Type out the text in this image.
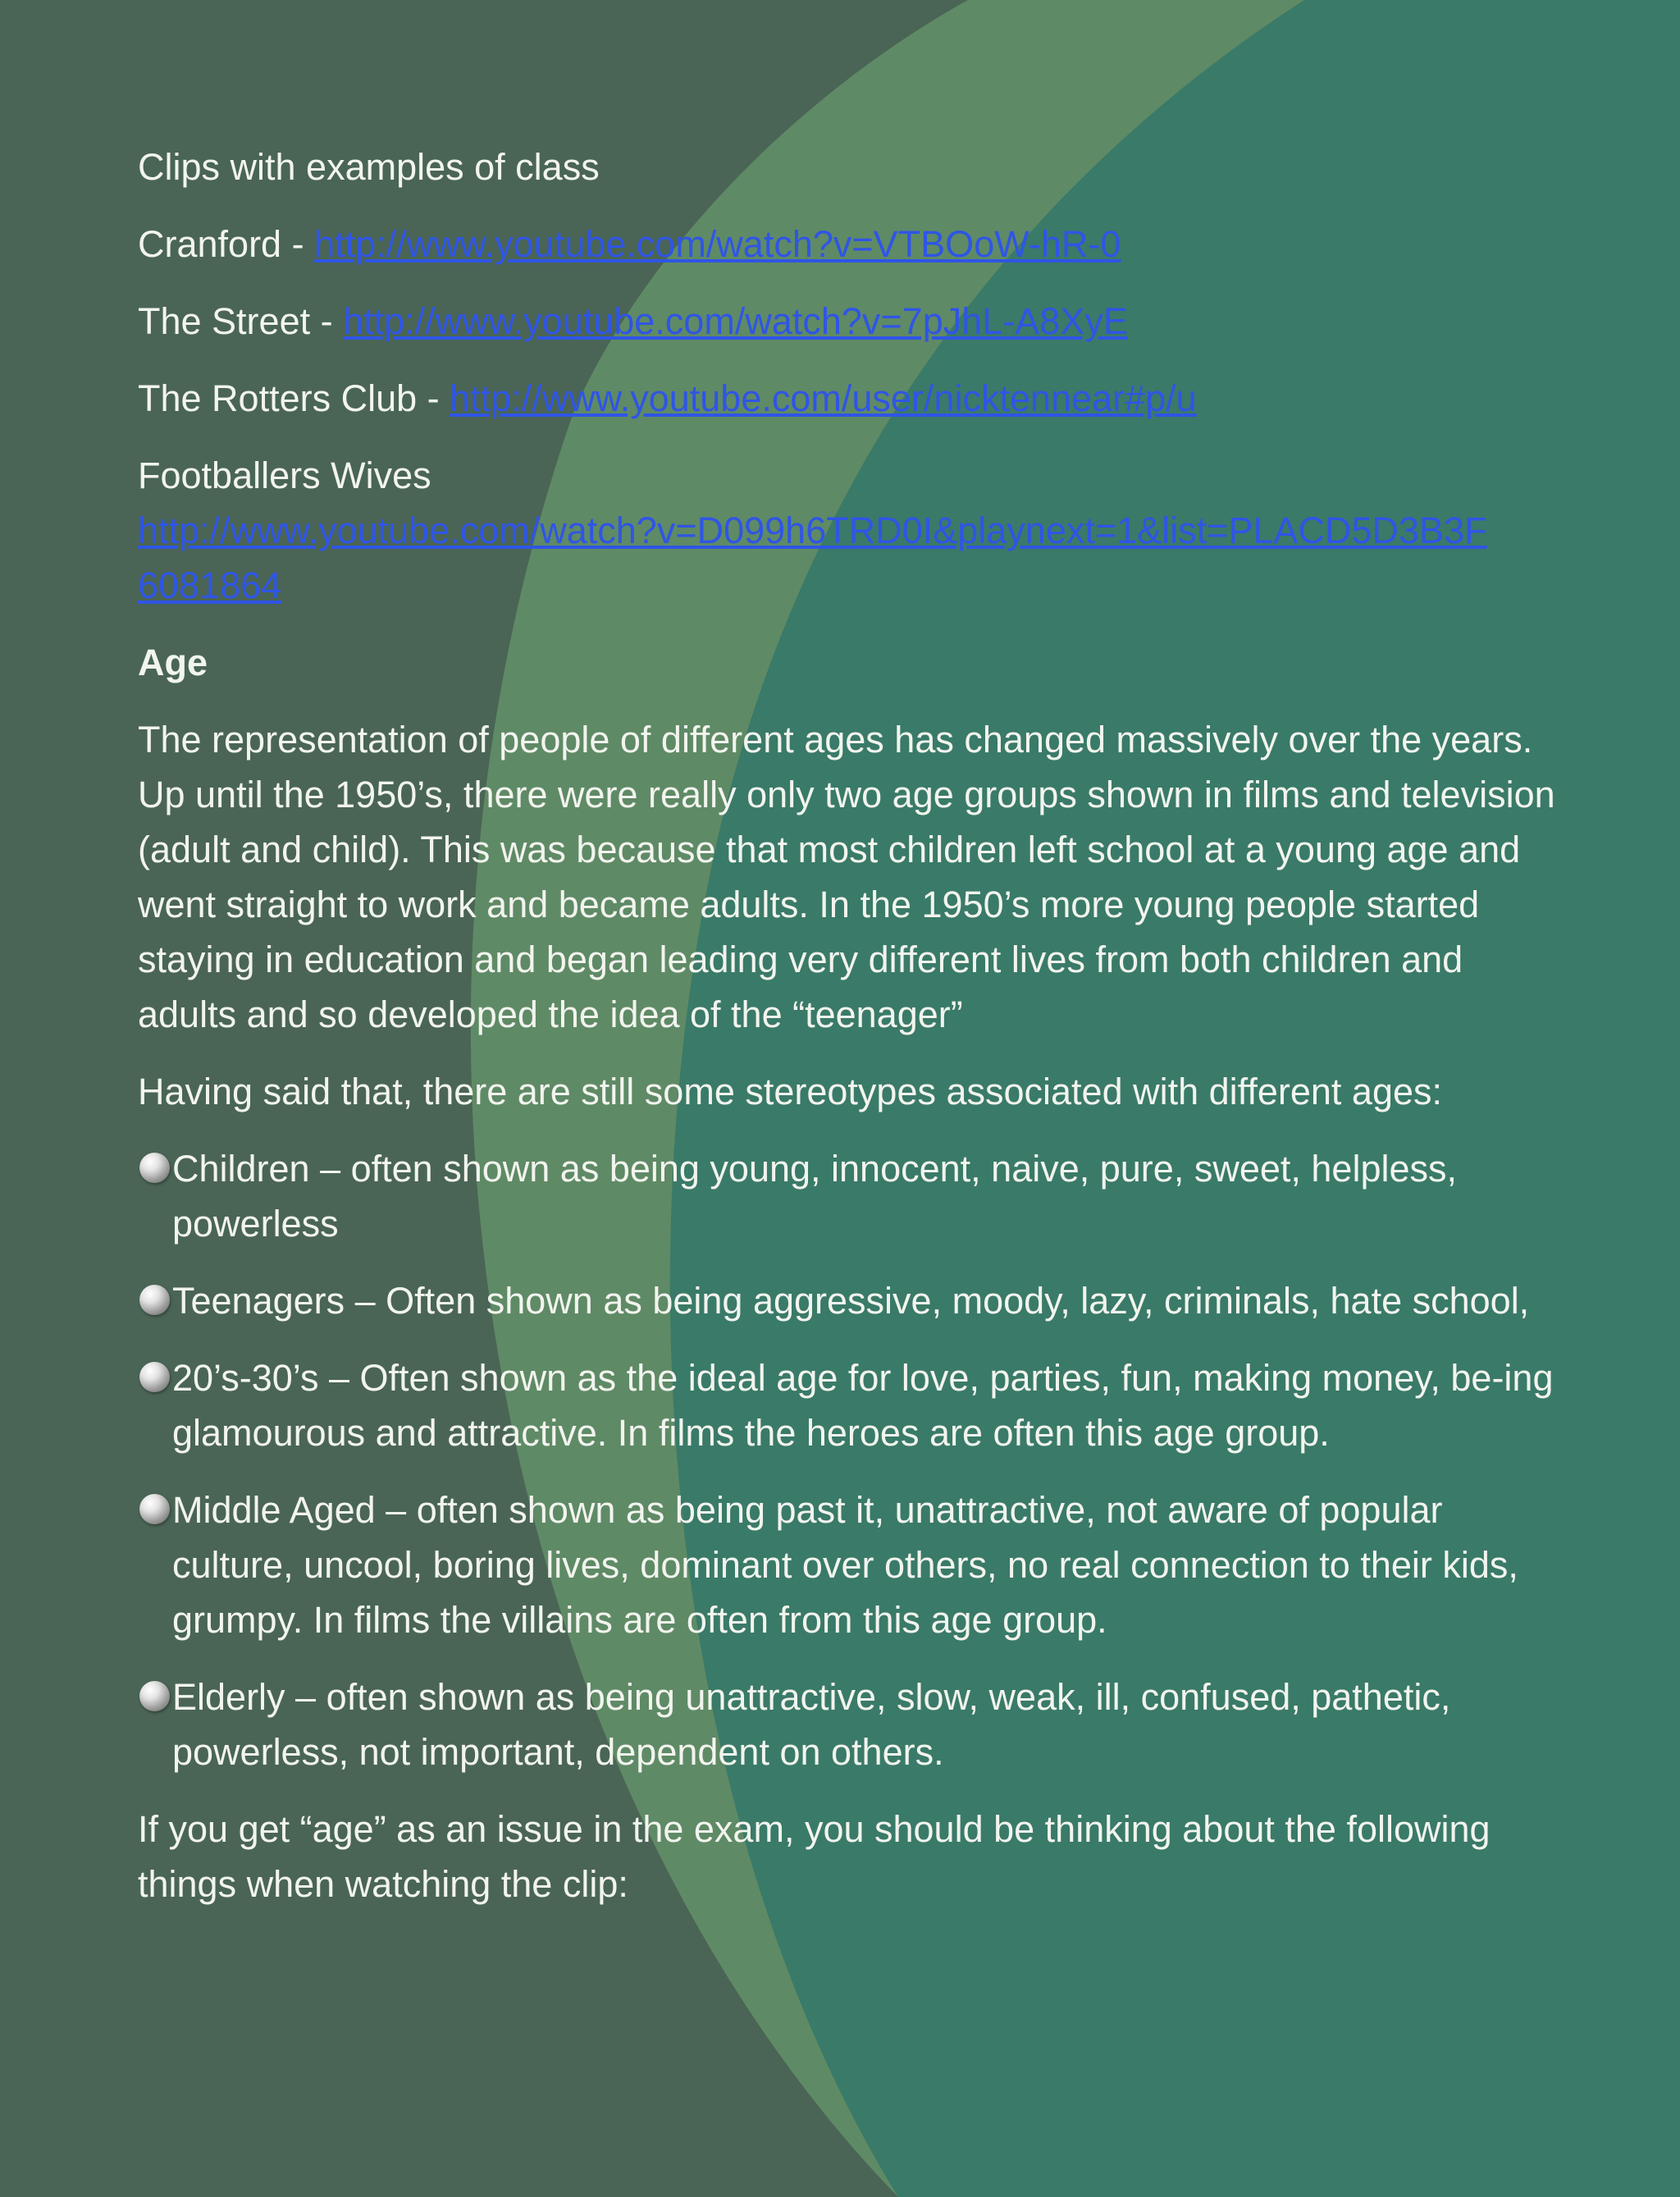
Clips with examples of class

Cranford - http://www.youtube.com/watch?v=VTBOoW-hR-0

The Street - http://www.youtube.com/watch?v=7pJhL-A8XyE

The Rotters Club - http://www.youtube.com/user/nicktennear#p/u

Footballers Wives
http://www.youtube.com/watch?v=D099h6TRD0I&playnext=1&list=PLACD5D3B3F
6081864

Age

The representation of people of different ages has changed massively over the years. Up until the 1950’s, there were really only two age groups shown in films and television (adult and child). This was because that most children left school at a young age and went straight to work and became adults. In the 1950’s more young people started staying in education and began leading very different lives from both children and adults and so developed the idea of the “teenager”

Having said that, there are still some stereotypes associated with different ages:

Children – often shown as being young, innocent, naive, pure, sweet, helpless, powerless
Teenagers – Often shown as being aggressive, moody, lazy, criminals, hate school,
20’s-30’s – Often shown as the ideal age for love, parties, fun, making money, be-ing glamourous and attractive. In films the heroes are often this age group.
Middle Aged – often shown as being past it, unattractive, not aware of popular culture, uncool, boring lives, dominant over others, no real connection to their kids, grumpy. In films the villains are often from this age group.
Elderly – often shown as being unattractive, slow, weak, ill, confused, pathetic, powerless, not important, dependent on others.

If you get “age” as an issue in the exam, you should be thinking about the following things when watching the clip:
